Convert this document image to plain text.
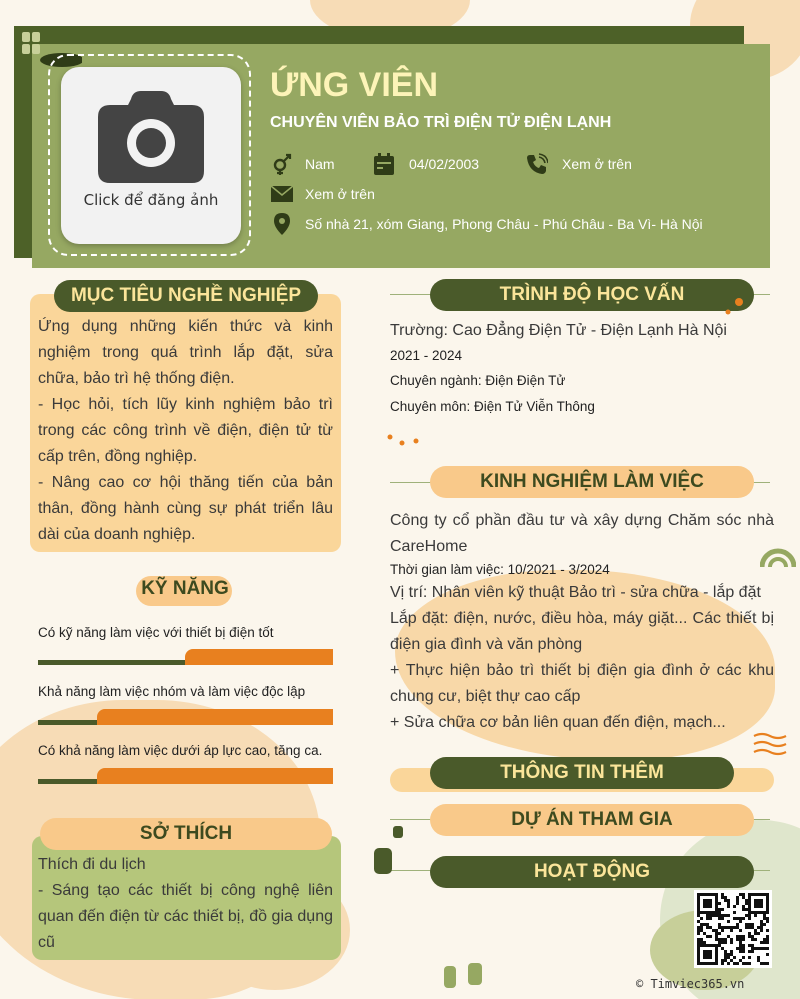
Click để đăng ảnh
ỨNG VIÊN
CHUYÊN VIÊN BẢO TRÌ ĐIỆN TỬ ĐIỆN LẠNH
Nam	04/02/2003	Xem ở trên
Xem ở trên
Số nhà 21, xóm Giang, Phong Châu - Phú Châu - Ba Vì- Hà Nội
MỤC TIÊU NGHỀ NGHIỆP
Ứng dụng những kiến thức và kinh nghiệm trong quá trình lắp đặt, sửa chữa, bảo trì hệ thống điện.
- Học hỏi, tích lũy kinh nghiệm bảo trì trong các công trình về điện, điện tử từ cấp trên, đồng nghiệp.
- Nâng cao cơ hội thăng tiến của bản thân, đồng hành cùng sự phát triển lâu dài của doanh nghiệp.
KỸ NĂNG
Có kỹ năng làm việc với thiết bị điện tốt
Khả năng làm việc nhóm và làm việc độc lập
Có khả năng làm việc dưới áp lực cao, tăng ca.
SỞ THÍCH
Thích đi du lịch
- Sáng tạo các thiết bị công nghệ liên quan đến điện từ các thiết bị, đồ gia dụng cũ
TRÌNH ĐỘ HỌC VẤN
Trường: Cao Đẳng Điện Tử - Điện Lạnh Hà Nội
2021 - 2024
Chuyên ngành: Điện Điện Tử
Chuyên môn: Điện Tử Viễn Thông
KINH NGHIỆM LÀM VIỆC
Công ty cổ phần đầu tư và xây dựng Chăm sóc nhà CareHome
Thời gian làm việc: 10/2021 - 3/2024
Vị trí: Nhân viên kỹ thuật Bảo trì - sửa chữa - lắp đặt
Lắp đặt: điện, nước, điều hòa, máy giặt... Các thiết bị điện gia đình và văn phòng
+ Thực hiện bảo trì thiết bị điện gia đình ở các khu chung cư, biệt thự cao cấp
+ Sửa chữa cơ bản liên quan đến điện, mạch...
THÔNG TIN THÊM
DỰ ÁN THAM GIA
HOẠT ĐỘNG
© Timviec365.vn
